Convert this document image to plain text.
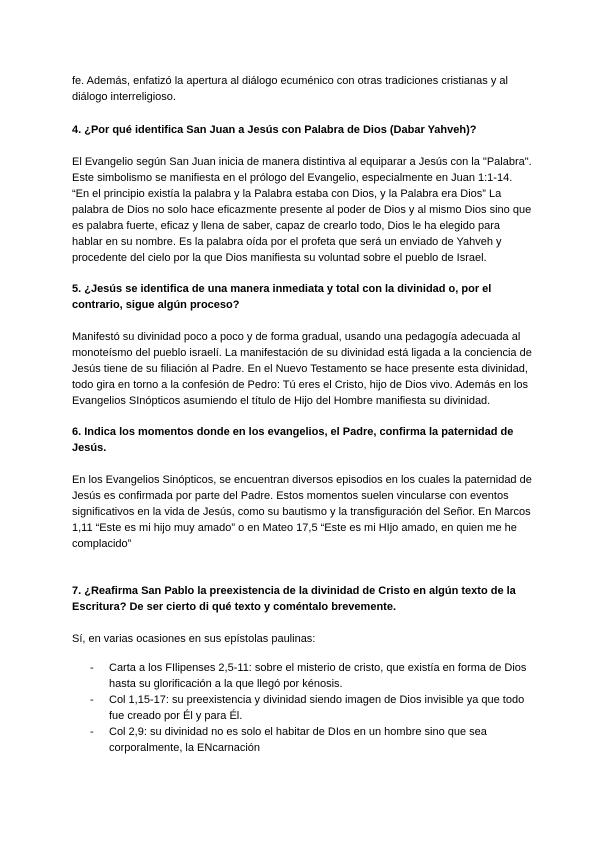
fe. Además, enfatizó la apertura al diálogo ecuménico con otras tradiciones cristianas y al diálogo interreligioso.

4. ¿Por qué identifica San Juan a Jesús con Palabra de Dios (Dabar Yahveh)?

El Evangelio según San Juan inicia de manera distintiva al equiparar a Jesús con la "Palabra". Este simbolismo se manifiesta en el prólogo del Evangelio, especialmente en Juan 1:1-14. “En el principio existía la palabra y la Palabra estaba con Dios, y la Palabra era Dios” La palabra de Dios no solo hace eficazmente presente al poder de Dios y al mismo Dios sino que es palabra fuerte, eficaz y llena de saber, capaz de crearlo todo, Dios le ha elegido para hablar en su nombre. Es la palabra oída por el profeta que será un enviado de Yahveh y procedente del cielo por la que Dios manifiesta su voluntad sobre el pueblo de Israel.

5. ¿Jesús se identifica de una manera inmediata y total con la divinidad o, por el contrario, sigue algún proceso?

Manifestó su divinidad poco a poco y de forma gradual, usando una pedagogía adecuada al monoteísmo del pueblo israelí. La manifestación de su divinidad está ligada a la conciencia de Jesús tiene de su filiación al Padre. En el Nuevo Testamento se hace presente esta divinidad, todo gira en torno a la confesión de Pedro: Tú eres el Cristo, hijo de Dios vivo. Además en los Evangelios SInópticos asumiendo el título de Hijo del Hombre manifiesta su divinidad.

6. Indica los momentos donde en los evangelios, el Padre, confirma la paternidad de Jesús.

En los Evangelios Sinópticos, se encuentran diversos episodios en los cuales la paternidad de Jesús es confirmada por parte del Padre. Estos momentos suelen vincularse con eventos significativos en la vida de Jesús, como su bautismo y la transfiguración del Señor. En Marcos 1,11 “Este es mi hijo muy amado” o en Mateo 17,5 “Este es mi HIjo amado, en quien me he complacido”

7. ¿Reafirma San Pablo la preexistencia de la divinidad de Cristo en algún texto de la Escritura? De ser cierto di qué texto y coméntalo brevemente.

Sí, en varias ocasiones en sus epístolas paulinas:

- Carta a los FIlipenses 2,5-11: sobre el misterio de cristo, que existía en forma de Dios hasta su glorificación a la que llegó por kénosis.
- Col 1,15-17: su preexistencia y divinidad siendo imagen de Dios invisible ya que todo fue creado por Él y para Él.
- Col 2,9: su divinidad no es solo el habitar de DIos en un hombre sino que sea corporalmente, la ENcarnación
